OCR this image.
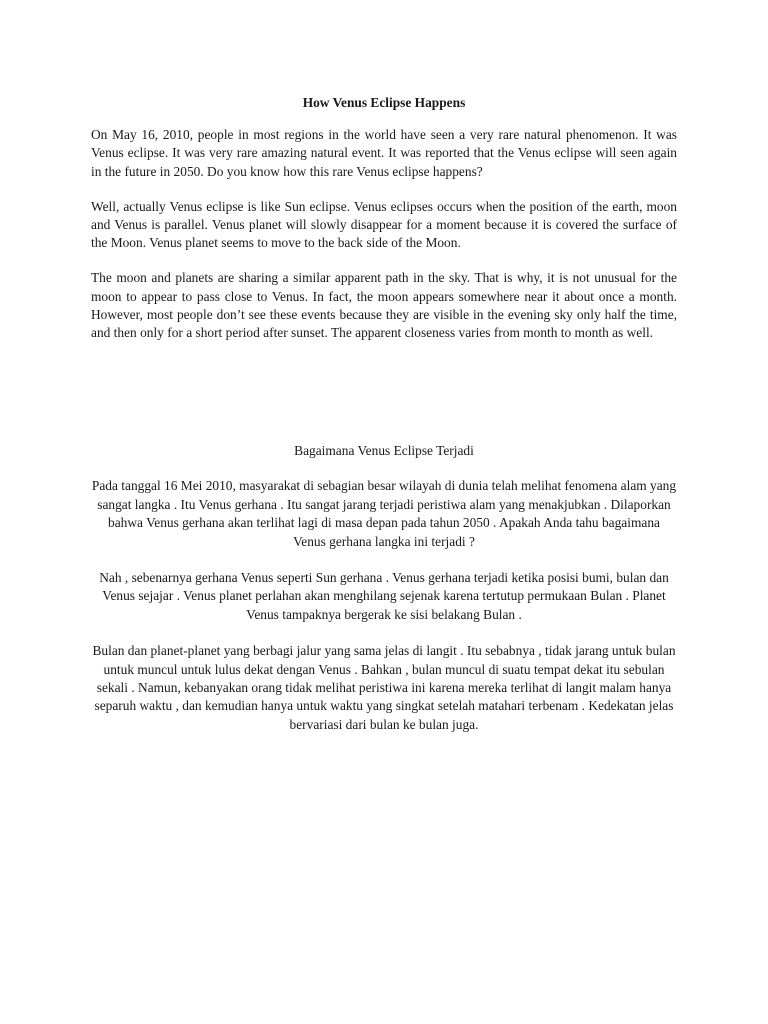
How Venus Eclipse Happens

On May 16, 2010, people in most regions in the world have seen a very rare natural phenomenon. It was Venus eclipse. It was very rare amazing natural event. It was reported that the Venus eclipse will seen again in the future in 2050. Do you know how this rare Venus eclipse happens?

Well, actually Venus eclipse is like Sun eclipse. Venus eclipses occurs when the position of the earth, moon and Venus is parallel. Venus planet will slowly disappear for a moment because it is covered the surface of the Moon. Venus planet seems to move to the back side of the Moon.

The moon and planets are sharing a similar apparent path in the sky. That is why, it is not unusual for the moon to appear to pass close to Venus. In fact, the moon appears somewhere near it about once a month. However, most people don’t see these events because they are visible in the evening sky only half the time, and then only for a short period after sunset. The apparent closeness varies from month to month as well.

Bagaimana Venus Eclipse Terjadi

Pada tanggal 16 Mei 2010, masyarakat di sebagian besar wilayah di dunia telah melihat fenomena alam yang sangat langka . Itu Venus gerhana . Itu sangat jarang terjadi peristiwa alam yang menakjubkan . Dilaporkan bahwa Venus gerhana akan terlihat lagi di masa depan pada tahun 2050 . Apakah Anda tahu bagaimana Venus gerhana langka ini terjadi ?

Nah , sebenarnya gerhana Venus seperti Sun gerhana . Venus gerhana terjadi ketika posisi bumi, bulan dan Venus sejajar . Venus planet perlahan akan menghilang sejenak karena tertutup permukaan Bulan . Planet Venus tampaknya bergerak ke sisi belakang Bulan .

Bulan dan planet-planet yang berbagi jalur yang sama jelas di langit . Itu sebabnya , tidak jarang untuk bulan untuk muncul untuk lulus dekat dengan Venus . Bahkan , bulan muncul di suatu tempat dekat itu sebulan sekali . Namun, kebanyakan orang tidak melihat peristiwa ini karena mereka terlihat di langit malam hanya separuh waktu , dan kemudian hanya untuk waktu yang singkat setelah matahari terbenam . Kedekatan jelas bervariasi dari bulan ke bulan juga.
